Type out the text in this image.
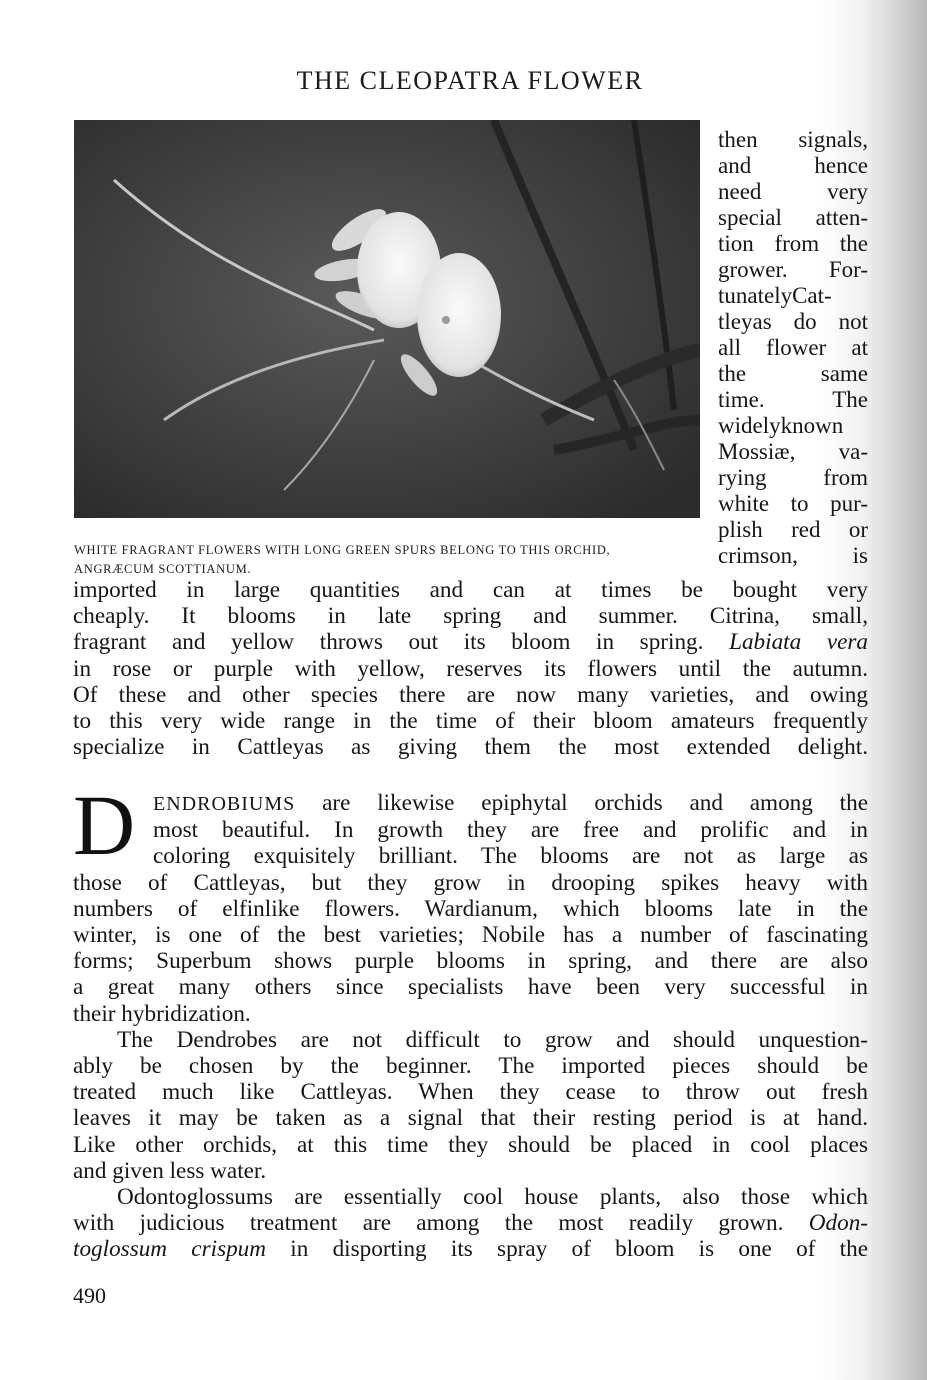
THE CLEOPATRA FLOWER
WHITE FRAGRANT FLOWERS WITH LONG GREEN SPURS BELONG TO THIS ORCHID,
ANGRÆCUM SCOTTIANUM.
then signals,
and hence
need very
special atten-
tion from the
grower. For-
tunatelyCat-
tleyas do not
all flower at
the same
time. The
widelyknown
Mossiæ, va-
rying from
white to pur-
plish red or
crimson, is
imported in large quantities and can at times be bought very
cheaply. It blooms in late spring and summer. Citrina, small,
fragrant and yellow throws out its bloom in spring. Labiata vera
in rose or purple with yellow, reserves its flowers until the autumn.
Of these and other species there are now many varieties, and owing
to this very wide range in the time of their bloom amateurs frequently
specialize in Cattleyas as giving them the most extended delight.
D ENDROBIUMS are likewise epiphytal orchids and among the
most beautiful. In growth they are free and prolific and in
coloring exquisitely brilliant. The blooms are not as large as
those of Cattleyas, but they grow in drooping spikes heavy with
numbers of elfinlike flowers. Wardianum, which blooms late in the
winter, is one of the best varieties; Nobile has a number of fascinating
forms; Superbum shows purple blooms in spring, and there are also
a great many others since specialists have been very successful in
their hybridization.
The Dendrobes are not difficult to grow and should unquestion-
ably be chosen by the beginner. The imported pieces should be
treated much like Cattleyas. When they cease to throw out fresh
leaves it may be taken as a signal that their resting period is at hand.
Like other orchids, at this time they should be placed in cool places
and given less water.
Odontoglossums are essentially cool house plants, also those which
with judicious treatment are among the most readily grown. Odon-
toglossum crispum in disporting its spray of bloom is one of the
490
